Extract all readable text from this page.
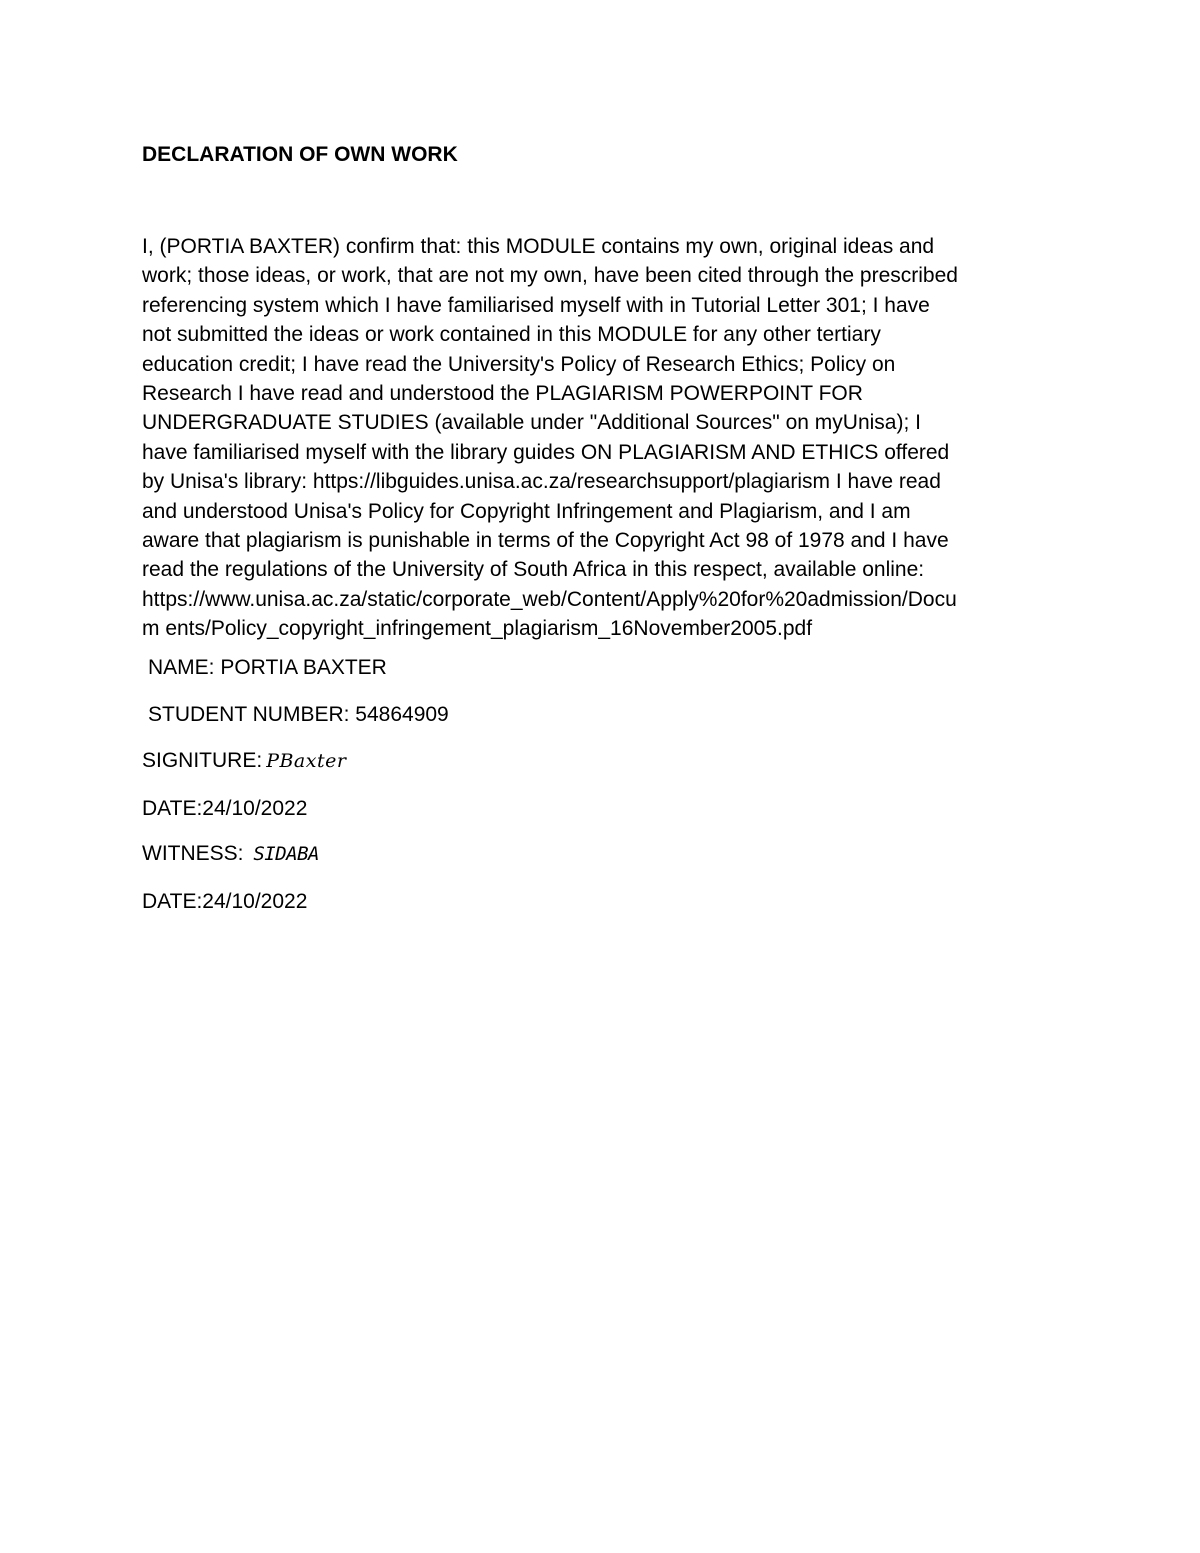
DECLARATION OF OWN WORK
I, (PORTIA BAXTER) confirm that: this MODULE contains my own, original ideas and
work; those ideas, or work, that are not my own, have been cited through the prescribed
referencing system which I have familiarised myself with in Tutorial Letter 301; I have
not submitted the ideas or work contained in this MODULE for any other tertiary
education credit; I have read the University's Policy of Research Ethics; Policy on
Research I have read and understood the PLAGIARISM POWERPOINT FOR
UNDERGRADUATE STUDIES (available under "Additional Sources" on myUnisa); I
have familiarised myself with the library guides ON PLAGIARISM AND ETHICS offered
by Unisa's library: https://libguides.unisa.ac.za/researchsupport/plagiarism I have read
and understood Unisa's Policy for Copyright Infringement and Plagiarism, and I am
aware that plagiarism is punishable in terms of the Copyright Act 98 of 1978 and I have
read the regulations of the University of South Africa in this respect, available online:
https://www.unisa.ac.za/static/corporate_web/Content/Apply%20for%20admission/Docu
m ents/Policy_copyright_infringement_plagiarism_16November2005.pdf
NAME: PORTIA BAXTER
STUDENT NUMBER: 54864909
SIGNITURE: PBaxter
DATE:24/10/2022
WITNESS: SIDABA
DATE:24/10/2022
